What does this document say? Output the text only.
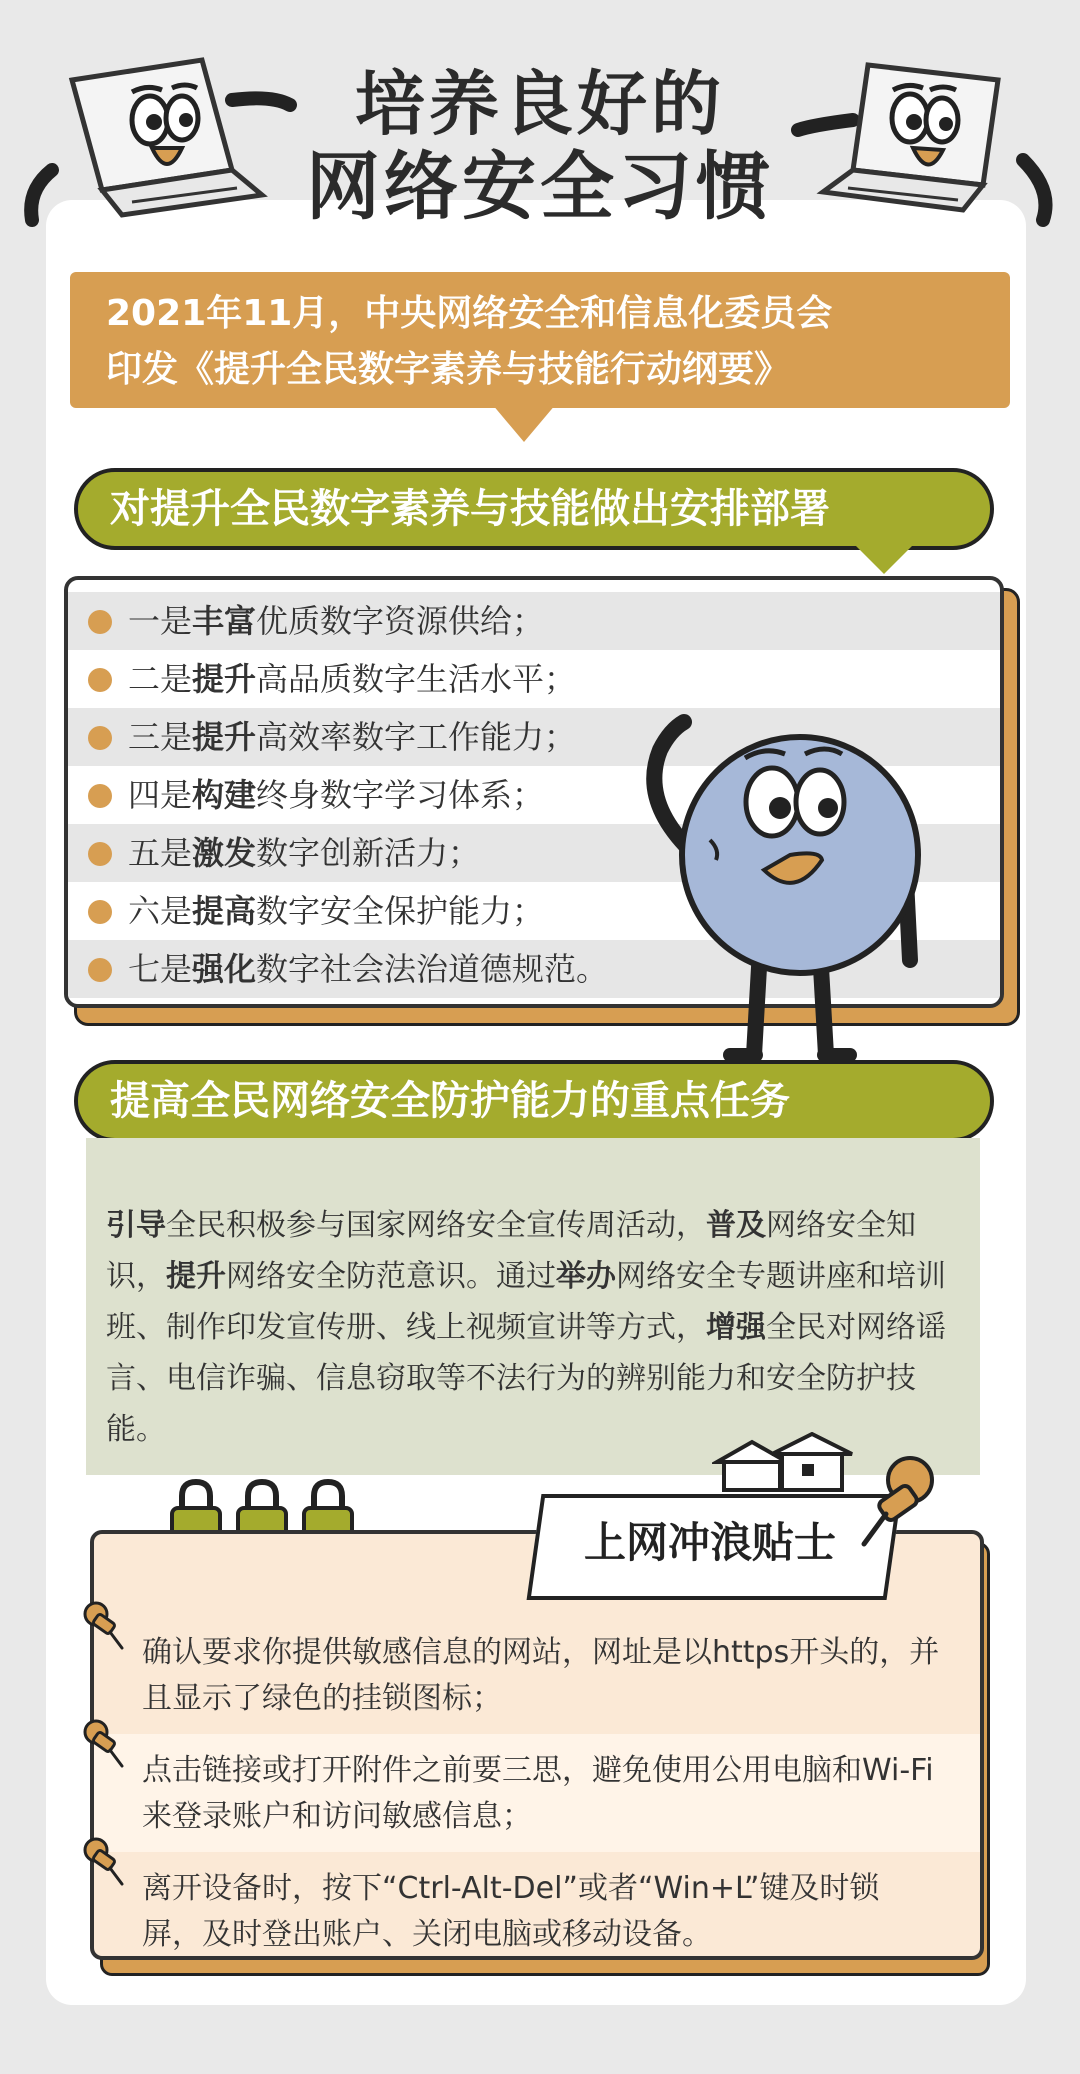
培养良好的
网络安全习惯
2021年11月，中央网络安全和信息化委员会
印发《提升全民数字素养与技能行动纲要》
对提升全民数字素养与技能做出安排部署
一是丰富优质数字资源供给；
二是提升高品质数字生活水平；
三是提升高效率数字工作能力；
四是构建终身数字学习体系；
五是激发数字创新活力；
六是提高数字安全保护能力；
七是强化数字社会法治道德规范。
提高全民网络安全防护能力的重点任务
引导全民积极参与国家网络安全宣传周活动，普及网络安全知识，提升网络安全防范意识。通过举办网络安全专题讲座和培训班、制作印发宣传册、线上视频宣讲等方式，增强全民对网络谣言、电信诈骗、信息窃取等不法行为的辨别能力和安全防护技能。
确认要求你提供敏感信息的网站，网址是以https开头的，并
且显示了绿色的挂锁图标；
点击链接或打开附件之前要三思，避免使用公用电脑和Wi-Fi
来登录账户和访问敏感信息；
离开设备时，按下“Ctrl-Alt-Del”或者“Win+L”键及时锁
屏，及时登出账户、关闭电脑或移动设备。
上网冲浪贴士
